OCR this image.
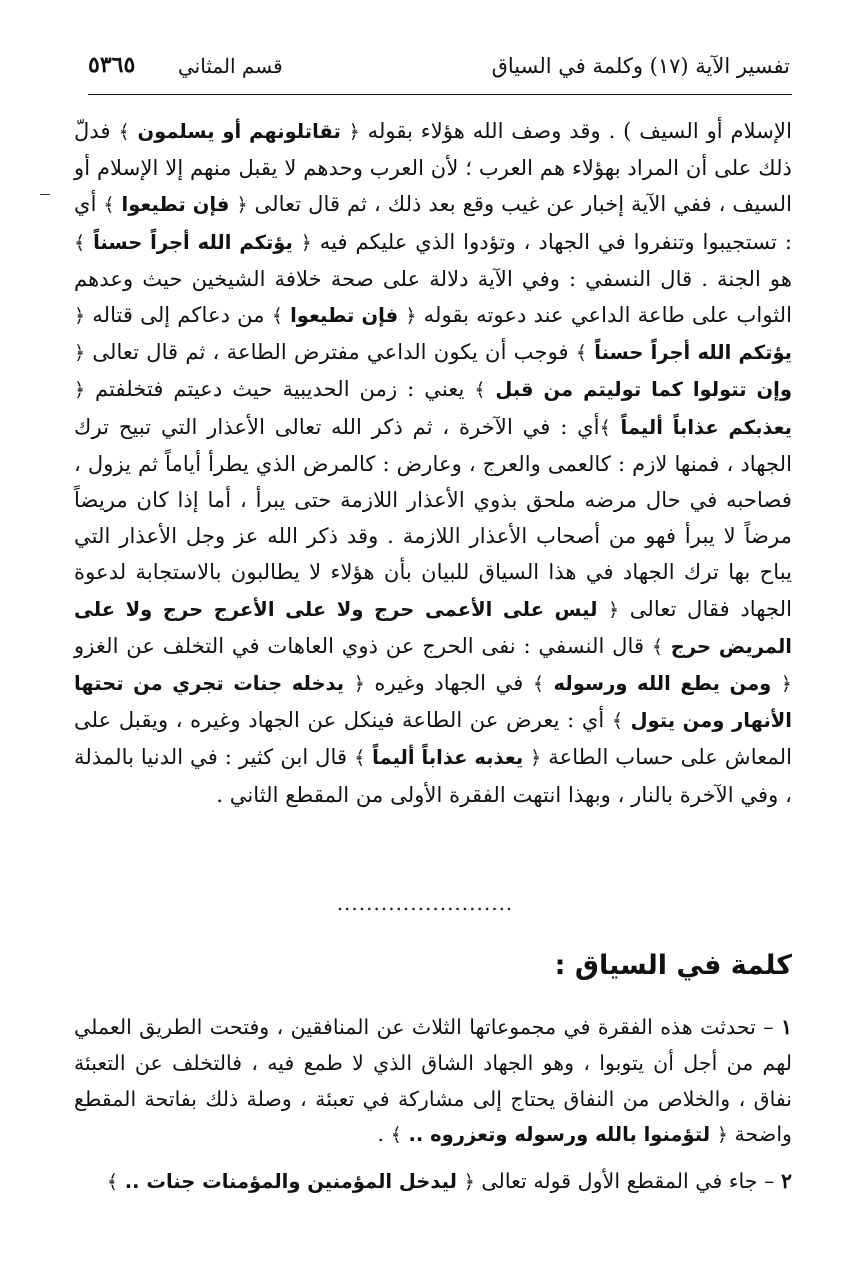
تفسير الآية (١٧) وكلمة في السياق
قسم المثاني
٥٣٦٥

الإسلام أو السيف ) . وقد وصف الله هؤلاء بقوله ﴿ تقاتلونهم أو يسلمون ﴾ فدلّ ذلك على أن المراد بهؤلاء هم العرب ؛ لأن العرب وحدهم لا يقبل منهم إلا الإسلام أو السيف ، ففي الآية إخبار عن غيب وقع بعد ذلك ، ثم قال تعالى ﴿ فإن تطيعوا ﴾ أي : تستجيبوا وتنفروا في الجهاد ، وتؤدوا الذي عليكم فيه ﴿ يؤتكم الله أجراً حسناً ﴾ هو الجنة . قال النسفي : وفي الآية دلالة على صحة خلافة الشيخين حيث وعدهم الثواب على طاعة الداعي عند دعوته بقوله ﴿ فإن تطيعوا ﴾ من دعاكم إلى قتاله ﴿ يؤتكم الله أجراً حسناً ﴾ فوجب أن يكون الداعي مفترض الطاعة ، ثم قال تعالى ﴿ وإن تتولوا كما توليتم من قبل ﴾ يعني : زمن الحديبية حيث دعيتم فتخلفتم ﴿ يعذبكم عذاباً أليماً ﴾أي : في الآخرة ، ثم ذكر الله تعالى الأعذار التي تبيح ترك الجهاد ، فمنها لازم : كالعمى والعرج ، وعارض : كالمرض الذي يطرأ أياماً ثم يزول ، فصاحبه في حال مرضه ملحق بذوي الأعذار اللازمة حتى يبرأ ، أما إذا كان مريضاً مرضاً لا يبرأ فهو من أصحاب الأعذار اللازمة . وقد ذكر الله عز وجل الأعذار التي يباح بها ترك الجهاد في هذا السياق للبيان بأن هؤلاء لا يطالبون بالاستجابة لدعوة الجهاد فقال تعالى ﴿ ليس على الأعمى حرج ولا على الأعرج حرج ولا على المريض حرج ﴾ قال النسفي : نفى الحرج عن ذوي العاهات في التخلف عن الغزو ﴿ ومن يطع الله ورسوله ﴾ في الجهاد وغيره ﴿ يدخله جنات تجري من تحتها الأنهار ومن يتول ﴾ أي : يعرض عن الطاعة فينكل عن الجهاد وغيره ، ويقبل على المعاش على حساب الطاعة ﴿ يعذبه عذاباً أليماً ﴾ قال ابن كثير : في الدنيا بالمذلة ، وفي الآخرة بالنار ، وبهذا انتهت الفقرة الأولى من المقطع الثاني .

........................
كلمة في السياق :

١ – تحدثت هذه الفقرة في مجموعاتها الثلاث عن المنافقين ، وفتحت الطريق العملي لهم من أجل أن يتوبوا ، وهو الجهاد الشاق الذي لا طمع فيه ، فالتخلف عن التعبئة نفاق ، والخلاص من النفاق يحتاج إلى مشاركة في تعبئة ، وصلة ذلك بفاتحة المقطع واضحة ﴿ لتؤمنوا بالله ورسوله وتعزروه .. ﴾ .

٢ – جاء في المقطع الأول قوله تعالى ﴿ ليدخل المؤمنين والمؤمنات جنات .. ﴾
